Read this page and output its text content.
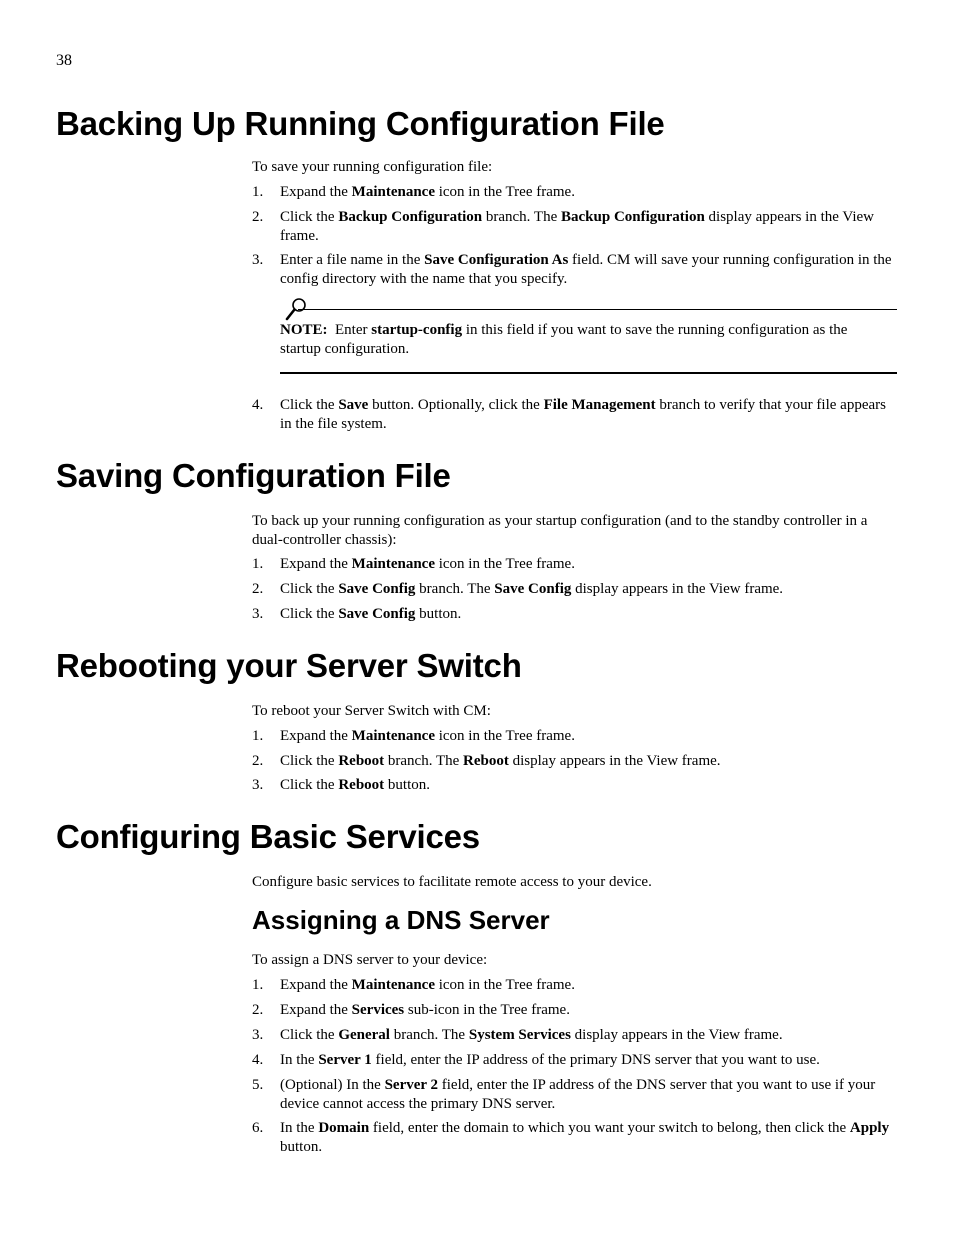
38
Backing Up Running Configuration File

To save your running configuration file:

1. Expand the Maintenance icon in the Tree frame.
2. Click the Backup Configuration branch. The Backup Configuration display appears in the View frame.
3. Enter a file name in the Save Configuration As field. CM will save your running configuration in the config directory with the name that you specify.
NOTE:  Enter startup-config in this field if you want to save the running configuration as the startup configuration.
4. Click the Save button. Optionally, click the File Management branch to verify that your file appears in the file system.
Saving Configuration File

To back up your running configuration as your startup configuration (and to the standby controller in a dual-controller chassis):

1. Expand the Maintenance icon in the Tree frame.
2. Click the Save Config branch. The Save Config display appears in the View frame.
3. Click the Save Config button.
Rebooting your Server Switch

To reboot your Server Switch with CM:

1. Expand the Maintenance icon in the Tree frame.
2. Click the Reboot branch. The Reboot display appears in the View frame.
3. Click the Reboot button.
Configuring Basic Services

Configure basic services to facilitate remote access to your device.

Assigning a DNS Server

To assign a DNS server to your device:

1. Expand the Maintenance icon in the Tree frame.
2. Expand the Services sub-icon in the Tree frame.
3. Click the General branch. The System Services display appears in the View frame.
4. In the Server 1 field, enter the IP address of the primary DNS server that you want to use.
5. (Optional) In the Server 2 field, enter the IP address of the DNS server that you want to use if your device cannot access the primary DNS server.
6. In the Domain field, enter the domain to which you want your switch to belong, then click the Apply button.
